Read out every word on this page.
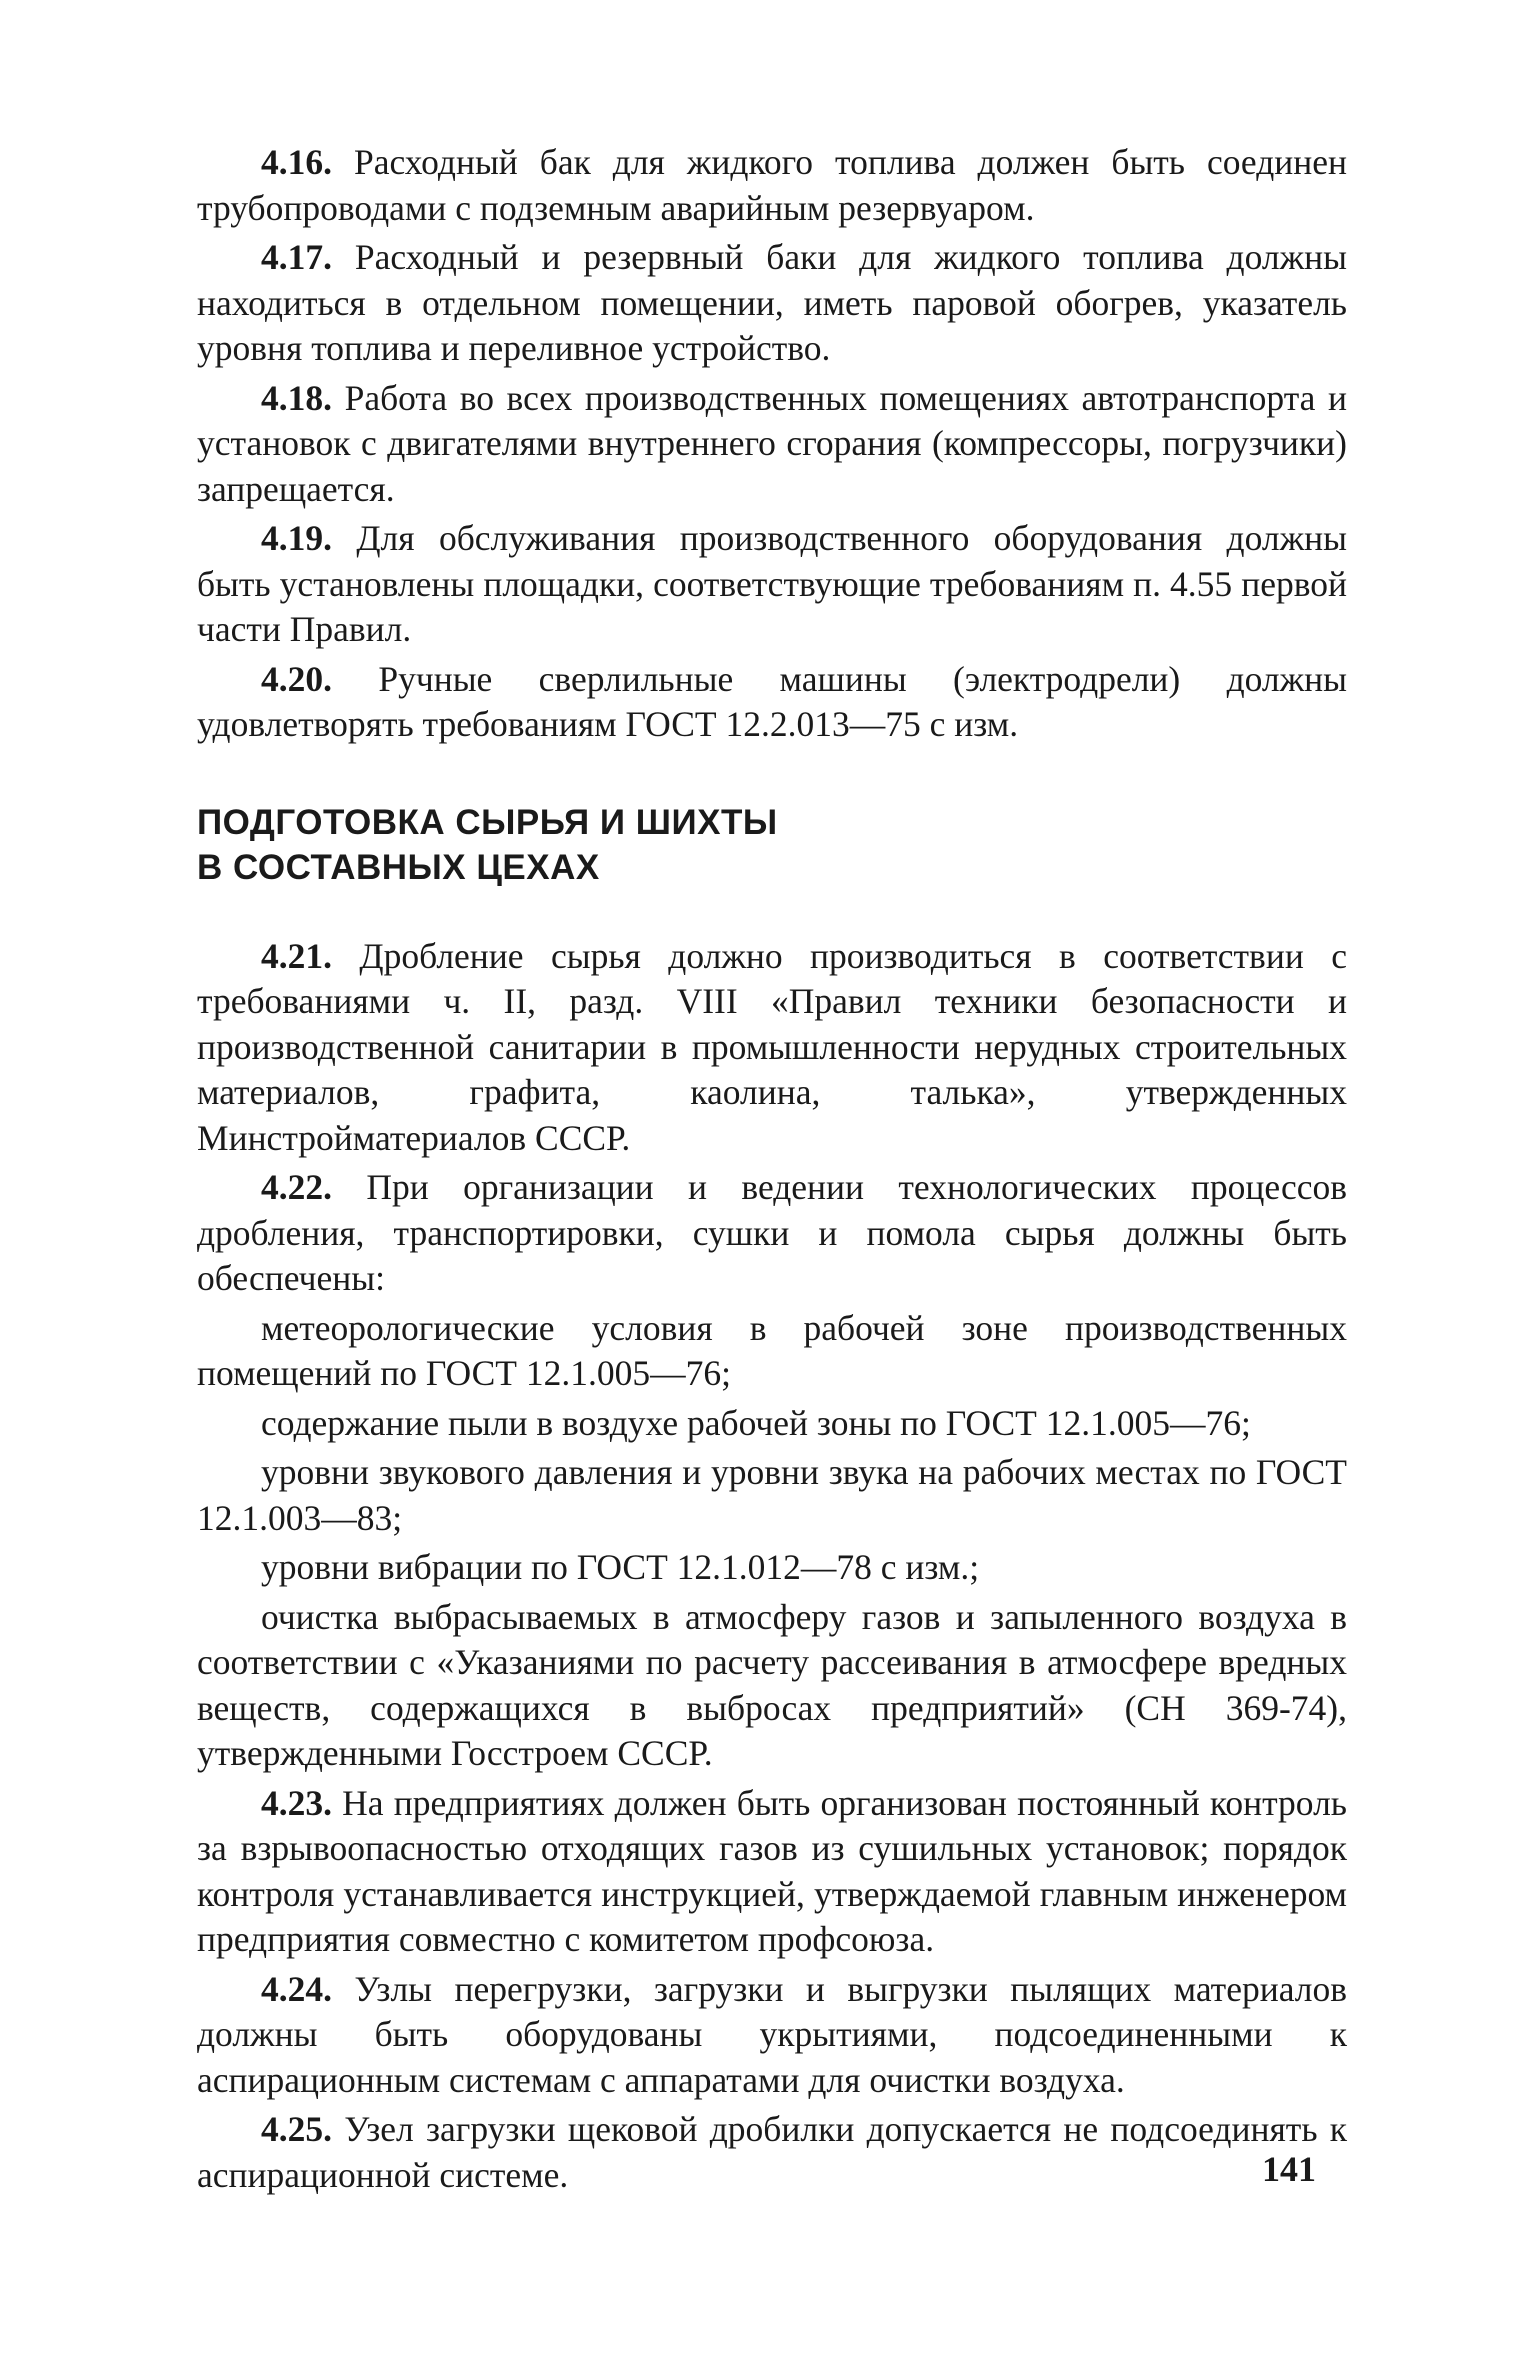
4.16. Расходный бак для жидкого топлива должен быть соединен трубопроводами с подземным аварийным резервуаром.

4.17. Расходный и резервный баки для жидкого топлива должны находиться в отдельном помещении, иметь паровой обогрев, указатель уровня топлива и переливное устройство.

4.18. Работа во всех производственных помещениях автотранспорта и установок с двигателями внутреннего сгорания (компрессоры, погрузчики) запрещается.

4.19. Для обслуживания производственного оборудования должны быть установлены площадки, соответствующие требованиям п. 4.55 первой части Правил.

4.20. Ручные сверлильные машины (электродрели) должны удовлетворять требованиям ГОСТ 12.2.013—75 с изм.

ПОДГОТОВКА СЫРЬЯ И ШИХТЫ
В СОСТАВНЫХ ЦЕХАХ

4.21. Дробление сырья должно производиться в соответствии с требованиями ч. II, разд. VIII «Правил техники безопасности и производственной санитарии в промышленности нерудных строительных материалов, графита, каолина, талька», утвержденных Минстройматериалов СССР.

4.22. При организации и ведении технологических процессов дробления, транспортировки, сушки и помола сырья должны быть обеспечены:

метеорологические условия в рабочей зоне производственных помещений по ГОСТ 12.1.005—76;

содержание пыли в воздухе рабочей зоны по ГОСТ 12.1.005—76;

уровни звукового давления и уровни звука на рабочих местах по ГОСТ 12.1.003—83;

уровни вибрации по ГОСТ 12.1.012—78 с изм.;

очистка выбрасываемых в атмосферу газов и запыленного воздуха в соответствии с «Указаниями по расчету рассеивания в атмосфере вредных веществ, содержащихся в выбросах предприятий» (СН 369-74), утвержденными Госстроем СССР.

4.23. На предприятиях должен быть организован постоянный контроль за взрывоопасностью отходящих газов из сушильных установок; порядок контроля устанавливается инструкцией, утверждаемой главным инженером предприятия совместно с комитетом профсоюза.

4.24. Узлы перегрузки, загрузки и выгрузки пылящих материалов должны быть оборудованы укрытиями, подсоединенными к аспирационным системам с аппаратами для очистки воздуха.

4.25. Узел загрузки щековой дробилки допускается не подсоединять к аспирационной системе.	141
